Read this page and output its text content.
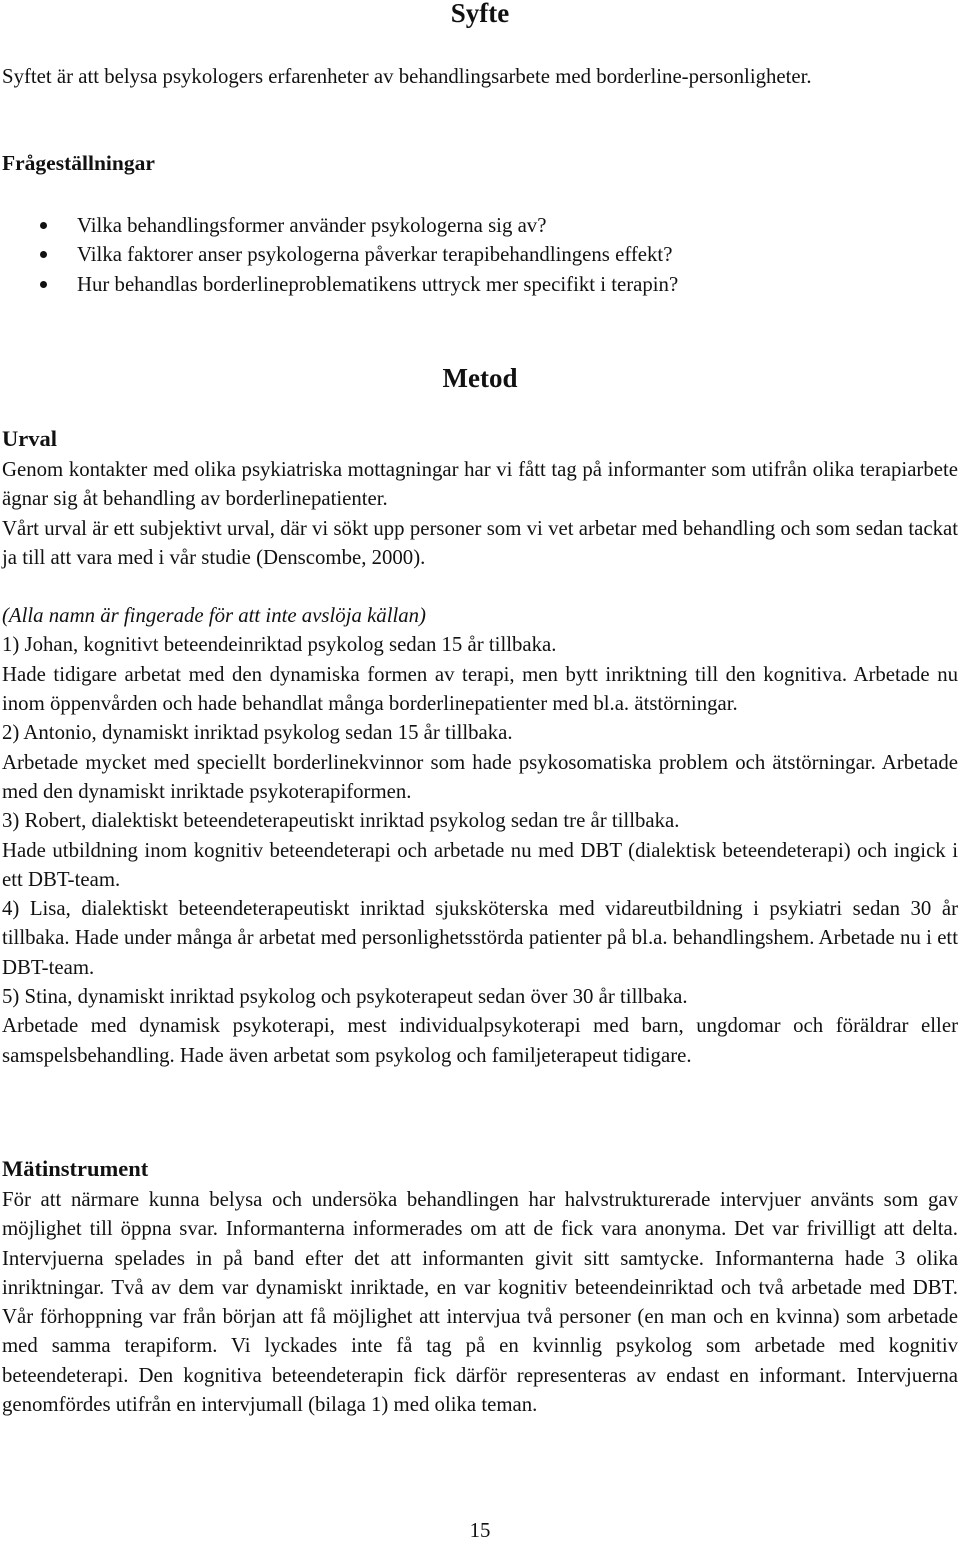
Syfte

Syftet är att belysa psykologers erfarenheter av behandlingsarbete med borderline-personligheter.

Frågeställningar
Vilka behandlingsformer använder psykologerna sig av?
Vilka faktorer anser psykologerna påverkar terapibehandlingens effekt?
Hur behandlas borderlineproblematikens uttryck mer specifikt i terapin?
Metod
Urval

Genom kontakter med olika psykiatriska mottagningar har vi fått tag på informanter som utifrån olika terapiarbete ägnar sig åt behandling av borderlinepatienter.

Vårt urval är ett subjektivt urval, där vi sökt upp personer som vi vet arbetar med behandling och som sedan tackat ja till att vara med i vår studie (Denscombe, 2000).

(Alla namn är fingerade för att inte avslöja källan)

1) Johan, kognitivt beteendeinriktad psykolog sedan 15 år tillbaka.

Hade tidigare arbetat med den dynamiska formen av terapi, men bytt inriktning till den kognitiva. Arbetade nu inom öppenvården och hade behandlat många borderlinepatienter med bl.a. ätstörningar.

2) Antonio, dynamiskt inriktad psykolog sedan 15 år tillbaka.

Arbetade mycket med speciellt borderlinekvinnor som hade psykosomatiska problem och ätstörningar. Arbetade med den dynamiskt inriktade psykoterapiformen.

3) Robert, dialektiskt beteendeterapeutiskt inriktad psykolog sedan tre år tillbaka.

Hade utbildning inom kognitiv beteendeterapi och arbetade nu med DBT (dialektisk beteendeterapi) och ingick i ett DBT-team.

4) Lisa, dialektiskt beteendeterapeutiskt inriktad sjuksköterska med vidareutbildning i psykiatri sedan 30 år tillbaka. Hade under många år arbetat med personlighetsstörda patienter på bl.a. behandlingshem. Arbetade nu i ett DBT-team.

5) Stina, dynamiskt inriktad psykolog och psykoterapeut sedan över 30 år tillbaka.

Arbetade med dynamisk psykoterapi, mest individualpsykoterapi med barn, ungdomar och föräldrar eller samspelsbehandling. Hade även arbetat som psykolog och familjeterapeut tidigare.

Mätinstrument

För att närmare kunna belysa och undersöka behandlingen har halvstrukturerade intervjuer använts som gav möjlighet till öppna svar. Informanterna informerades om att de fick vara anonyma. Det var frivilligt att delta. Intervjuerna spelades in på band efter det att informanten givit sitt samtycke. Informanterna hade 3 olika inriktningar. Två av dem var dynamiskt inriktade, en var kognitiv beteendeinriktad och två arbetade med DBT. Vår förhoppning var från början att få möjlighet att intervjua två personer (en man och en kvinna) som arbetade med samma terapiform. Vi lyckades inte få tag på en kvinnlig psykolog som arbetade med kognitiv beteendeterapi. Den kognitiva beteendeterapin fick därför representeras av endast en informant. Intervjuerna genomfördes utifrån en intervjumall (bilaga 1) med olika teman.

15
